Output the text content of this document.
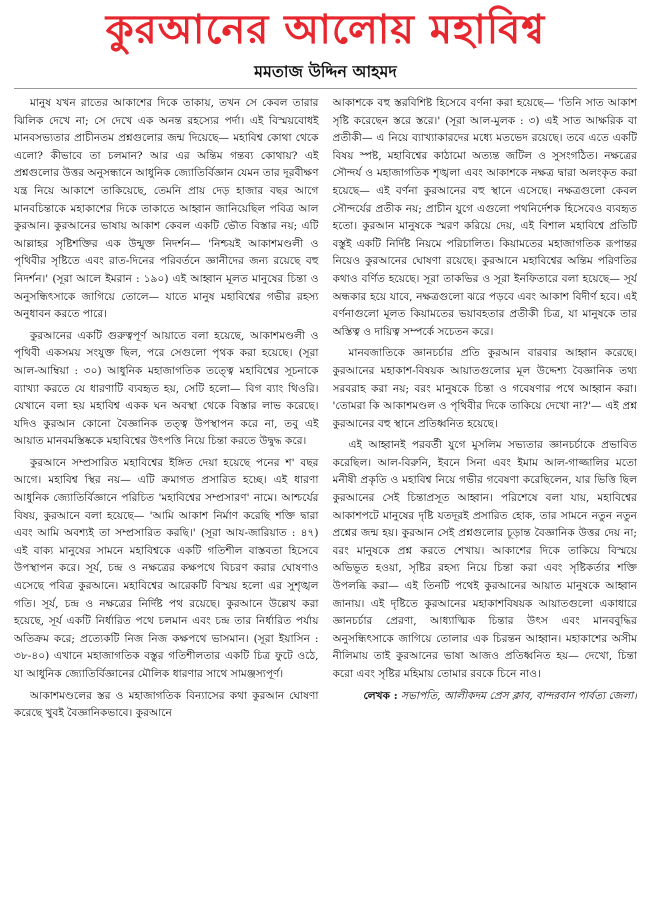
কুরআনের আলোয় মহাবিশ্ব
মমতাজ উদ্দিন আহমদ

মানুষ যখন রাতের আকাশের দিকে তাকায়, তখন সে কেবল তারার ঝিলিক দেখে না; সে দেখে এক অনন্ত রহস্যের পর্দা। এই বিস্ময়বোধই মানবসভ্যতার প্রাচীনতম প্রশ্নগুলোর জন্ম দিয়েছে— মহাবিশ্ব কোথা থেকে এলো? কীভাবে তা চলমান? আর এর অন্তিম গন্তব্য কোথায়? এই প্রশ্নগুলোর উত্তর অনুসন্ধানে আধুনিক জ্যোতির্বিজ্ঞান যেমন তার দূরবীক্ষণ যন্ত্র নিয়ে আকাশে তাকিয়েছে, তেমনি প্রায় দেড় হাজার বছর আগে মানবচিন্তাকে মহাকাশের দিকে তাকাতে আহ্বান জানিয়েছিল পবিত্র আল কুরআন। কুরআনের ভাষায় আকাশ কেবল একটি ভৌত বিস্তার নয়; এটি আল্লাহর সৃষ্টিশক্তির এক উন্মুক্ত নিদর্শন— 'নিশ্চয়ই আকাশমণ্ডলী ও পৃথিবীর সৃষ্টিতে এবং রাত-দিনের পরিবর্তনে জ্ঞানীদের জন্য রয়েছে বহু নিদর্শন।' (সূরা আলে ইমরান : ১৯০) এই আহ্বান মূলত মানুষের চিন্তা ও অনুসন্ধিৎসাকে জাগিয়ে তোলে— যাতে মানুষ মহাবিশ্বের গভীর রহস্য অনুধাবন করতে পারে।

কুরআনের একটি গুরুত্বপূর্ণ আয়াতে বলা হয়েছে, আকাশমণ্ডলী ও পৃথিবী একসময় সংযুক্ত ছিল, পরে সেগুলো পৃথক করা হয়েছে। (সূরা আল-আম্বিয়া : ৩০) আধুনিক মহাজাগতিক তত্ত্বে মহাবিশ্বের সূচনাকে ব্যাখ্যা করতে যে ধারণাটি ব্যবহৃত হয়, সেটি হলো— বিগ ব্যাং থিওরি। যেখানে বলা হয় মহাবিশ্ব একক ঘন অবস্থা থেকে বিস্তার লাভ করেছে। যদিও কুরআন কোনো বৈজ্ঞানিক তত্ত্ব উপস্থাপন করে না, তবু এই আয়াত মানবমস্তিষ্ককে মহাবিশ্বের উৎপত্তি নিয়ে চিন্তা করতে উদ্বুদ্ধ করে।

কুরআনে সম্প্রসারিত মহাবিশ্বের ইঙ্গিত দেয়া হয়েছে পনের শ' বছর আগে। মহাবিশ্ব স্থির নয়— এটি ক্রমাগত প্রসারিত হচ্ছে। এই ধারণা আধুনিক জ্যোতির্বিজ্ঞানে পরিচিত 'মহাবিশ্বের সম্প্রসারণ' নামে। আশ্চর্যের বিষয়, কুরআনে বলা হয়েছে— 'আমি আকাশ নির্মাণ করেছি শক্তি দ্বারা এবং আমি অবশ্যই তা সম্প্রসারিত করছি।' (সূরা আয-জারিয়াত : ৪৭) এই বাক্য মানুষের সামনে মহাবিশ্বকে একটি গতিশীল বাস্তবতা হিসেবে উপস্থাপন করে। সূর্য, চন্দ্র ও নক্ষত্রের কক্ষপথে বিচরণ করার ঘোষণাও এসেছে পবিত্র কুরআনে। মহাবিশ্বের আরেকটি বিস্ময় হলো এর সুশৃঙ্খল গতি। সূর্য, চন্দ্র ও নক্ষত্রের নির্দিষ্ট পথ রয়েছে। কুরআনে উল্লেখ করা হয়েছে, সূর্য একটি নির্ধারিত পথে চলমান এবং চন্দ্র তার নির্ধারিত পর্যায় অতিক্রম করে; প্রত্যেকটি নিজ নিজ কক্ষপথে ভাসমান। (সূরা ইয়াসিন : ৩৮-৪০) এখানে মহাজাগতিক বস্তুর গতিশীলতার একটি চিত্র ফুটে ওঠে, যা আধুনিক জ্যোতির্বিজ্ঞানের মৌলিক ধারণার সাথে সামঞ্জস্যপূর্ণ।

আকাশমণ্ডলের স্তর ও মহাজাগতিক বিন্যাসের কথা কুরআন ঘোষণা করেছে খুবই বৈজ্ঞানিকভাবে। কুরআনে

আকাশকে বহু স্তরবিশিষ্ট হিসেবে বর্ণনা করা হয়েছে— 'তিনি সাত আকাশ সৃষ্টি করেছেন স্তরে স্তরে।' (সূরা আল-মুলক : ৩) এই সাত আক্ষরিক বা প্রতীকী— এ নিয়ে ব্যাখ্যাকারদের মধ্যে মতভেদ রয়েছে। তবে এতে একটি বিষয় স্পষ্ট, মহাবিশ্বের কাঠামো অত্যন্ত জটিল ও সুসংগঠিত। নক্ষত্রের সৌন্দর্য ও মহাজাগতিক শৃঙ্খলা এবং আকাশকে নক্ষত্র দ্বারা অলংকৃত করা হয়েছে— এই বর্ণনা কুরআনের বহু স্থানে এসেছে। নক্ষত্রগুলো কেবল সৌন্দর্যের প্রতীক নয়; প্রাচীন যুগে এগুলো পথনির্দেশক হিসেবেও ব্যবহৃত হতো। কুরআন মানুষকে স্মরণ করিয়ে দেয়, এই বিশাল মহাবিশ্বে প্রতিটি বস্তুই একটি নির্দিষ্ট নিয়মে পরিচালিত। কিয়ামতের মহাজাগতিক রূপান্তর নিয়েও কুরআনের ঘোষণা রয়েছে। কুরআনে মহাবিশ্বের অন্তিম পরিণতির কথাও বর্ণিত হয়েছে। সূরা তাকভির ও সূরা ইনফিতারে বলা হয়েছে— সূর্য অন্ধকার হয়ে যাবে, নক্ষত্রগুলো ঝরে পড়বে এবং আকাশ বিদীর্ণ হবে। এই বর্ণনাগুলো মূলত কিয়ামতের ভয়াবহতার প্রতীকী চিত্র, যা মানুষকে তার অস্তিত্ব ও দায়িত্ব সম্পর্কে সচেতন করে।

মানবজাতিকে জ্ঞানচর্চার প্রতি কুরআন বারবার আহ্বান করেছে। কুরআনের মহাকাশ-বিষয়ক আয়াতগুলোর মূল উদ্দেশ্য বৈজ্ঞানিক তথ্য সরবরাহ করা নয়; বরং মানুষকে চিন্তা ও গবেষণার পথে আহ্বান করা। 'তোমরা কি আকাশমণ্ডল ও পৃথিবীর দিকে তাকিয়ে দেখো না?'— এই প্রশ্ন কুরআনের বহু স্থানে প্রতিধ্বনিত হয়েছে।

এই আহ্বানই পরবর্তী যুগে মুসলিম সভ্যতার জ্ঞানচর্চাকে প্রভাবিত করেছিল। আল-বিরুনি, ইবনে সিনা এবং ইমাম আল-গাজ্জালির মতো মনীষী প্রকৃতি ও মহাবিশ্ব নিয়ে গভীর গবেষণা করেছিলেন, যার ভিত্তি ছিল কুরআনের সেই চিন্তাপ্রসূত আহ্বান। পরিশেষে বলা যায়, মহাবিশ্বের আকাশপটে মানুষের দৃষ্টি যতদূরই প্রসারিত হোক, তার সামনে নতুন নতুন প্রশ্নের জন্ম হয়। কুরআন সেই প্রশ্নগুলোর চূড়ান্ত বৈজ্ঞানিক উত্তর দেয় না; বরং মানুষকে প্রশ্ন করতে শেখায়। আকাশের দিকে তাকিয়ে বিস্ময়ে অভিভূত হওয়া, সৃষ্টির রহস্য নিয়ে চিন্তা করা এবং সৃষ্টিকর্তার শক্তি উপলব্ধি করা— এই তিনটি পথেই কুরআনের আয়াত মানুষকে আহ্বান জানায়। এই দৃষ্টিতে কুরআনের মহাকাশবিষয়ক আয়াতগুলো একাধারে জ্ঞানচর্চার প্রেরণা, আধ্যাত্মিক চিন্তার উৎস এবং মানববুদ্ধির অনুসন্ধিৎসাকে জাগিয়ে তোলার এক চিরন্তন আহ্বান। মহাকাশের অসীম নীলিমায় তাই কুরআনের ভাষা আজও প্রতিধ্বনিত হয়— দেখো, চিন্তা করো এবং সৃষ্টির মহিমায় তোমার রবকে চিনে নাও।

লেখক : সভাপতি, আলীকদম প্রেস ক্লাব, বান্দরবান পার্বত্য জেলা।
